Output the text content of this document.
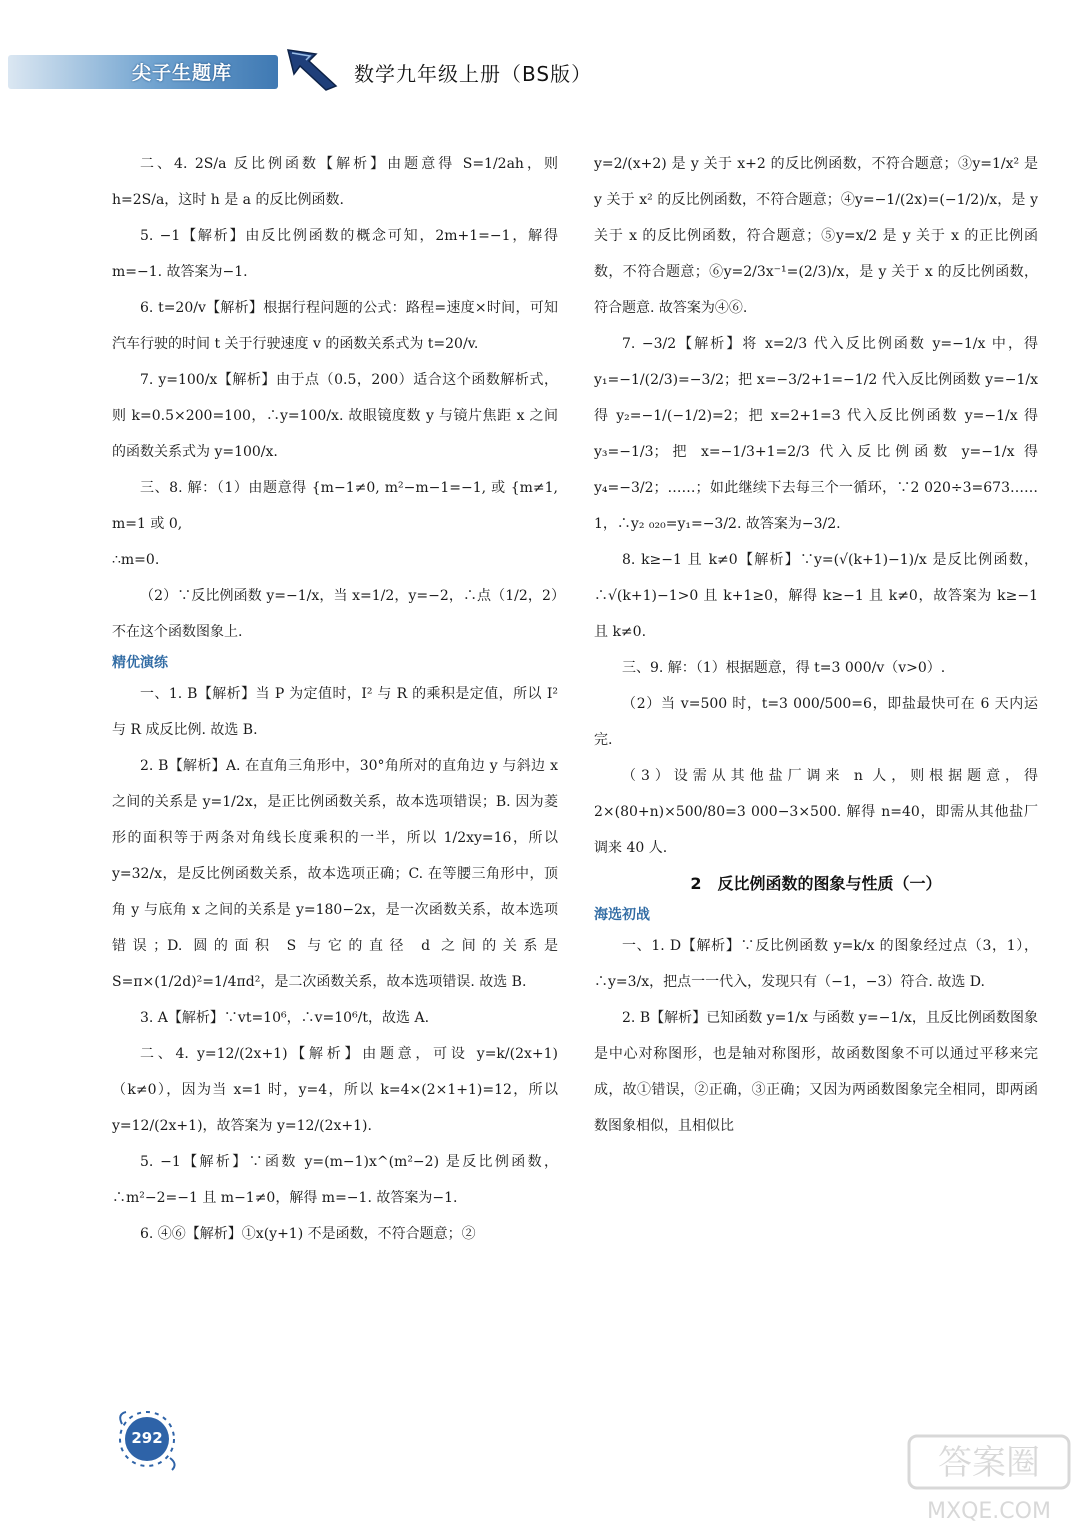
尖子生题库	数学九年级上册（BS版）

二、4. 2S/a 反比例函数【解析】由题意得 S=1/2ah，则 h=2S/a，这时 h 是 a 的反比例函数.

5. −1【解析】由反比例函数的概念可知，2m+1=−1，解得 m=−1. 故答案为−1.

6. t=20/v【解析】根据行程问题的公式：路程=速度×时间，可知汽车行驶的时间 t 关于行驶速度 v 的函数关系式为 t=20/v.

7. y=100/x【解析】由于点（0.5，200）适合这个函数解析式，则 k=0.5×200=100，∴y=100/x. 故眼镜度数 y 与镜片焦距 x 之间的函数关系式为 y=100/x.

三、8. 解：（1）由题意得 {m−1≠0, m²−m−1=−1, 或 {m≠1, m=1 或 0,

∴m=0.

（2）∵反比例函数 y=−1/x，当 x=1/2，y=−2，∴点（1/2，2）不在这个函数图象上.

精优演练

一、1. B【解析】当 P 为定值时，I² 与 R 的乘积是定值，所以 I² 与 R 成反比例. 故选 B.

2. B【解析】A. 在直角三角形中，30°角所对的直角边 y 与斜边 x 之间的关系是 y=1/2x，是正比例函数关系，故本选项错误；B. 因为菱形的面积等于两条对角线长度乘积的一半，所以 1/2xy=16，所以 y=32/x，是反比例函数关系，故本选项正确；C. 在等腰三角形中，顶角 y 与底角 x 之间的关系是 y=180−2x，是一次函数关系，故本选项错误；D. 圆的面积 S 与它的直径 d 之间的关系是 S=π×(1/2d)²=1/4πd²，是二次函数关系，故本选项错误. 故选 B.

3. A【解析】∵vt=10⁶，∴v=10⁶/t，故选 A.

二、4. y=12/(2x+1)【解析】由题意，可设 y=k/(2x+1)（k≠0），因为当 x=1 时，y=4，所以 k=4×(2×1+1)=12，所以 y=12/(2x+1)，故答案为 y=12/(2x+1).

5. −1【解析】∵函数 y=(m−1)x^(m²−2) 是反比例函数，∴m²−2=−1 且 m−1≠0，解得 m=−1. 故答案为−1.

6. ④⑥【解析】①x(y+1) 不是函数，不符合题意；②

y=2/(x+2) 是 y 关于 x+2 的反比例函数，不符合题意；③y=1/x² 是 y 关于 x² 的反比例函数，不符合题意；④y=−1/(2x)=(−1/2)/x，是 y 关于 x 的反比例函数，符合题意；⑤y=x/2 是 y 关于 x 的正比例函数，不符合题意；⑥y=2/3x⁻¹=(2/3)/x，是 y 关于 x 的反比例函数，符合题意. 故答案为④⑥.

7. −3/2【解析】将 x=2/3 代入反比例函数 y=−1/x 中，得 y₁=−1/(2/3)=−3/2；把 x=−3/2+1=−1/2 代入反比例函数 y=−1/x 得 y₂=−1/(−1/2)=2；把 x=2+1=3 代入反比例函数 y=−1/x 得 y₃=−1/3；把 x=−1/3+1=2/3 代入反比例函数 y=−1/x 得 y₄=−3/2；……；如此继续下去每三个一循环，∵2 020÷3=673……1，∴y₂ ₀₂₀=y₁=−3/2. 故答案为−3/2.

8. k≥−1 且 k≠0【解析】∵y=(√(k+1)−1)/x 是反比例函数，∴√(k+1)−1>0 且 k+1≥0，解得 k≥−1 且 k≠0，故答案为 k≥−1 且 k≠0.

三、9. 解：（1）根据题意，得 t=3 000/v（v>0）.

（2）当 v=500 时，t=3 000/500=6，即盐最快可在 6 天内运完.

（3）设需从其他盐厂调来 n 人，则根据题意，得 2×(80+n)×500/80=3 000−3×500. 解得 n=40，即需从其他盐厂调来 40 人.

2　反比例函数的图象与性质（一）

海选初战

一、1. D【解析】∵反比例函数 y=k/x 的图象经过点（3，1），∴y=3/x，把点一一代入，发现只有（−1，−3）符合. 故选 D.

2. B【解析】已知函数 y=1/x 与函数 y=−1/x，且反比例函数图象是中心对称图形，也是轴对称图形，故函数图象不可以通过平移来完成，故①错误，②正确，③正确；又因为两函数图象完全相同，即两函数图象相似，且相似比

292
答案圈
MXQE.COM
